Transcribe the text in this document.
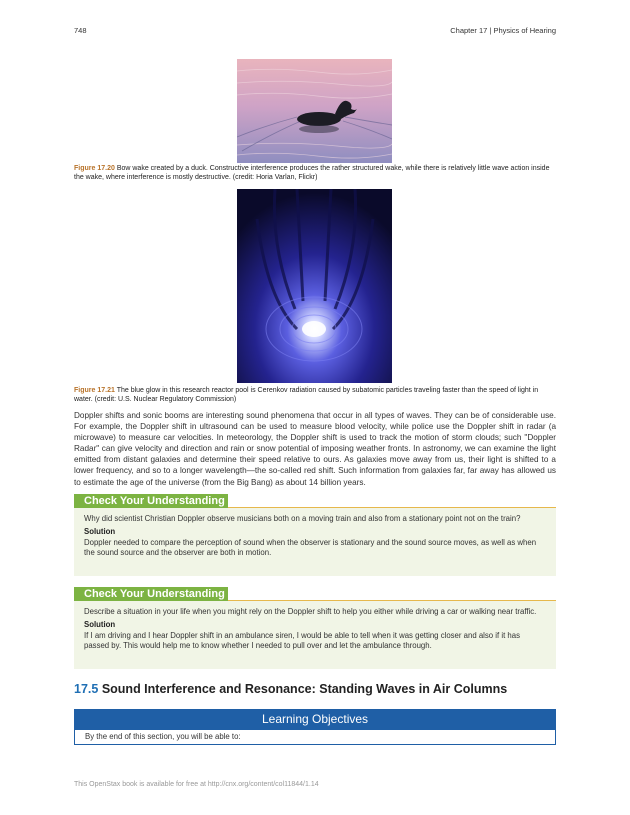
748	Chapter 17 | Physics of Hearing
Figure 17.20 Bow wake created by a duck. Constructive interference produces the rather structured wake, while there is relatively little wave action inside the wake, where interference is mostly destructive. (credit: Horia Varlan, Flickr)
Figure 17.21 The blue glow in this research reactor pool is Cerenkov radiation caused by subatomic particles traveling faster than the speed of light in water. (credit: U.S. Nuclear Regulatory Commission)
Doppler shifts and sonic booms are interesting sound phenomena that occur in all types of waves. They can be of considerable use. For example, the Doppler shift in ultrasound can be used to measure blood velocity, while police use the Doppler shift in radar (a microwave) to measure car velocities. In meteorology, the Doppler shift is used to track the motion of storm clouds; such "Doppler Radar" can give velocity and direction and rain or snow potential of imposing weather fronts. In astronomy, we can examine the light emitted from distant galaxies and determine their speed relative to ours. As galaxies move away from us, their light is shifted to a lower frequency, and so to a longer wavelength—the so-called red shift. Such information from galaxies far, far away has allowed us to estimate the age of the universe (from the Big Bang) as about 14 billion years.
Check Your Understanding

Why did scientist Christian Doppler observe musicians both on a moving train and also from a stationary point not on the train?

Solution

Doppler needed to compare the perception of sound when the observer is stationary and the sound source moves, as well as when the sound source and the observer are both in motion.

Check Your Understanding

Describe a situation in your life when you might rely on the Doppler shift to help you either while driving a car or walking near traffic.

Solution

If I am driving and I hear Doppler shift in an ambulance siren, I would be able to tell when it was getting closer and also if it has passed by. This would help me to know whether I needed to pull over and let the ambulance through.

17.5 Sound Interference and Resonance: Standing Waves in Air Columns
Learning Objectives
By the end of this section, you will be able to:
This OpenStax book is available for free at http://cnx.org/content/col11844/1.14
